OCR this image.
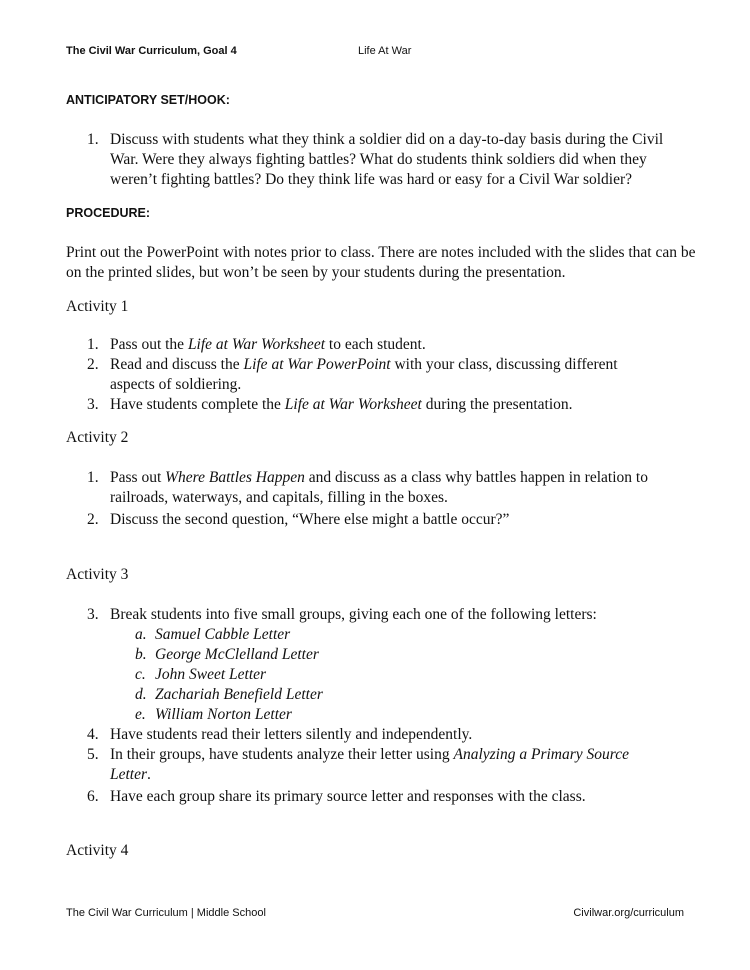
The Civil War Curriculum, Goal 4	Life At War
ANTICIPATORY SET/HOOK:
1. Discuss with students what they think a soldier did on a day-to-day basis during the Civil War. Were they always fighting battles? What do students think soldiers did when they weren’t fighting battles? Do they think life was hard or easy for a Civil War soldier?
PROCEDURE:
Print out the PowerPoint with notes prior to class. There are notes included with the slides that can be on the printed slides, but won’t be seen by your students during the presentation.
Activity 1
1. Pass out the Life at War Worksheet to each student.
2. Read and discuss the Life at War PowerPoint with your class, discussing different aspects of soldiering.
3. Have students complete the Life at War Worksheet during the presentation.
Activity 2
1. Pass out Where Battles Happen and discuss as a class why battles happen in relation to railroads, waterways, and capitals, filling in the boxes.
2. Discuss the second question, “Where else might a battle occur?”
Activity 3
3. Break students into five small groups, giving each one of the following letters:
a. Samuel Cabble Letter
b. George McClelland Letter
c. John Sweet Letter
d. Zachariah Benefield Letter
e. William Norton Letter
4. Have students read their letters silently and independently.
5. In their groups, have students analyze their letter using Analyzing a Primary Source Letter.
6. Have each group share its primary source letter and responses with the class.
Activity 4
The Civil War Curriculum | Middle School	Civilwar.org/curriculum
